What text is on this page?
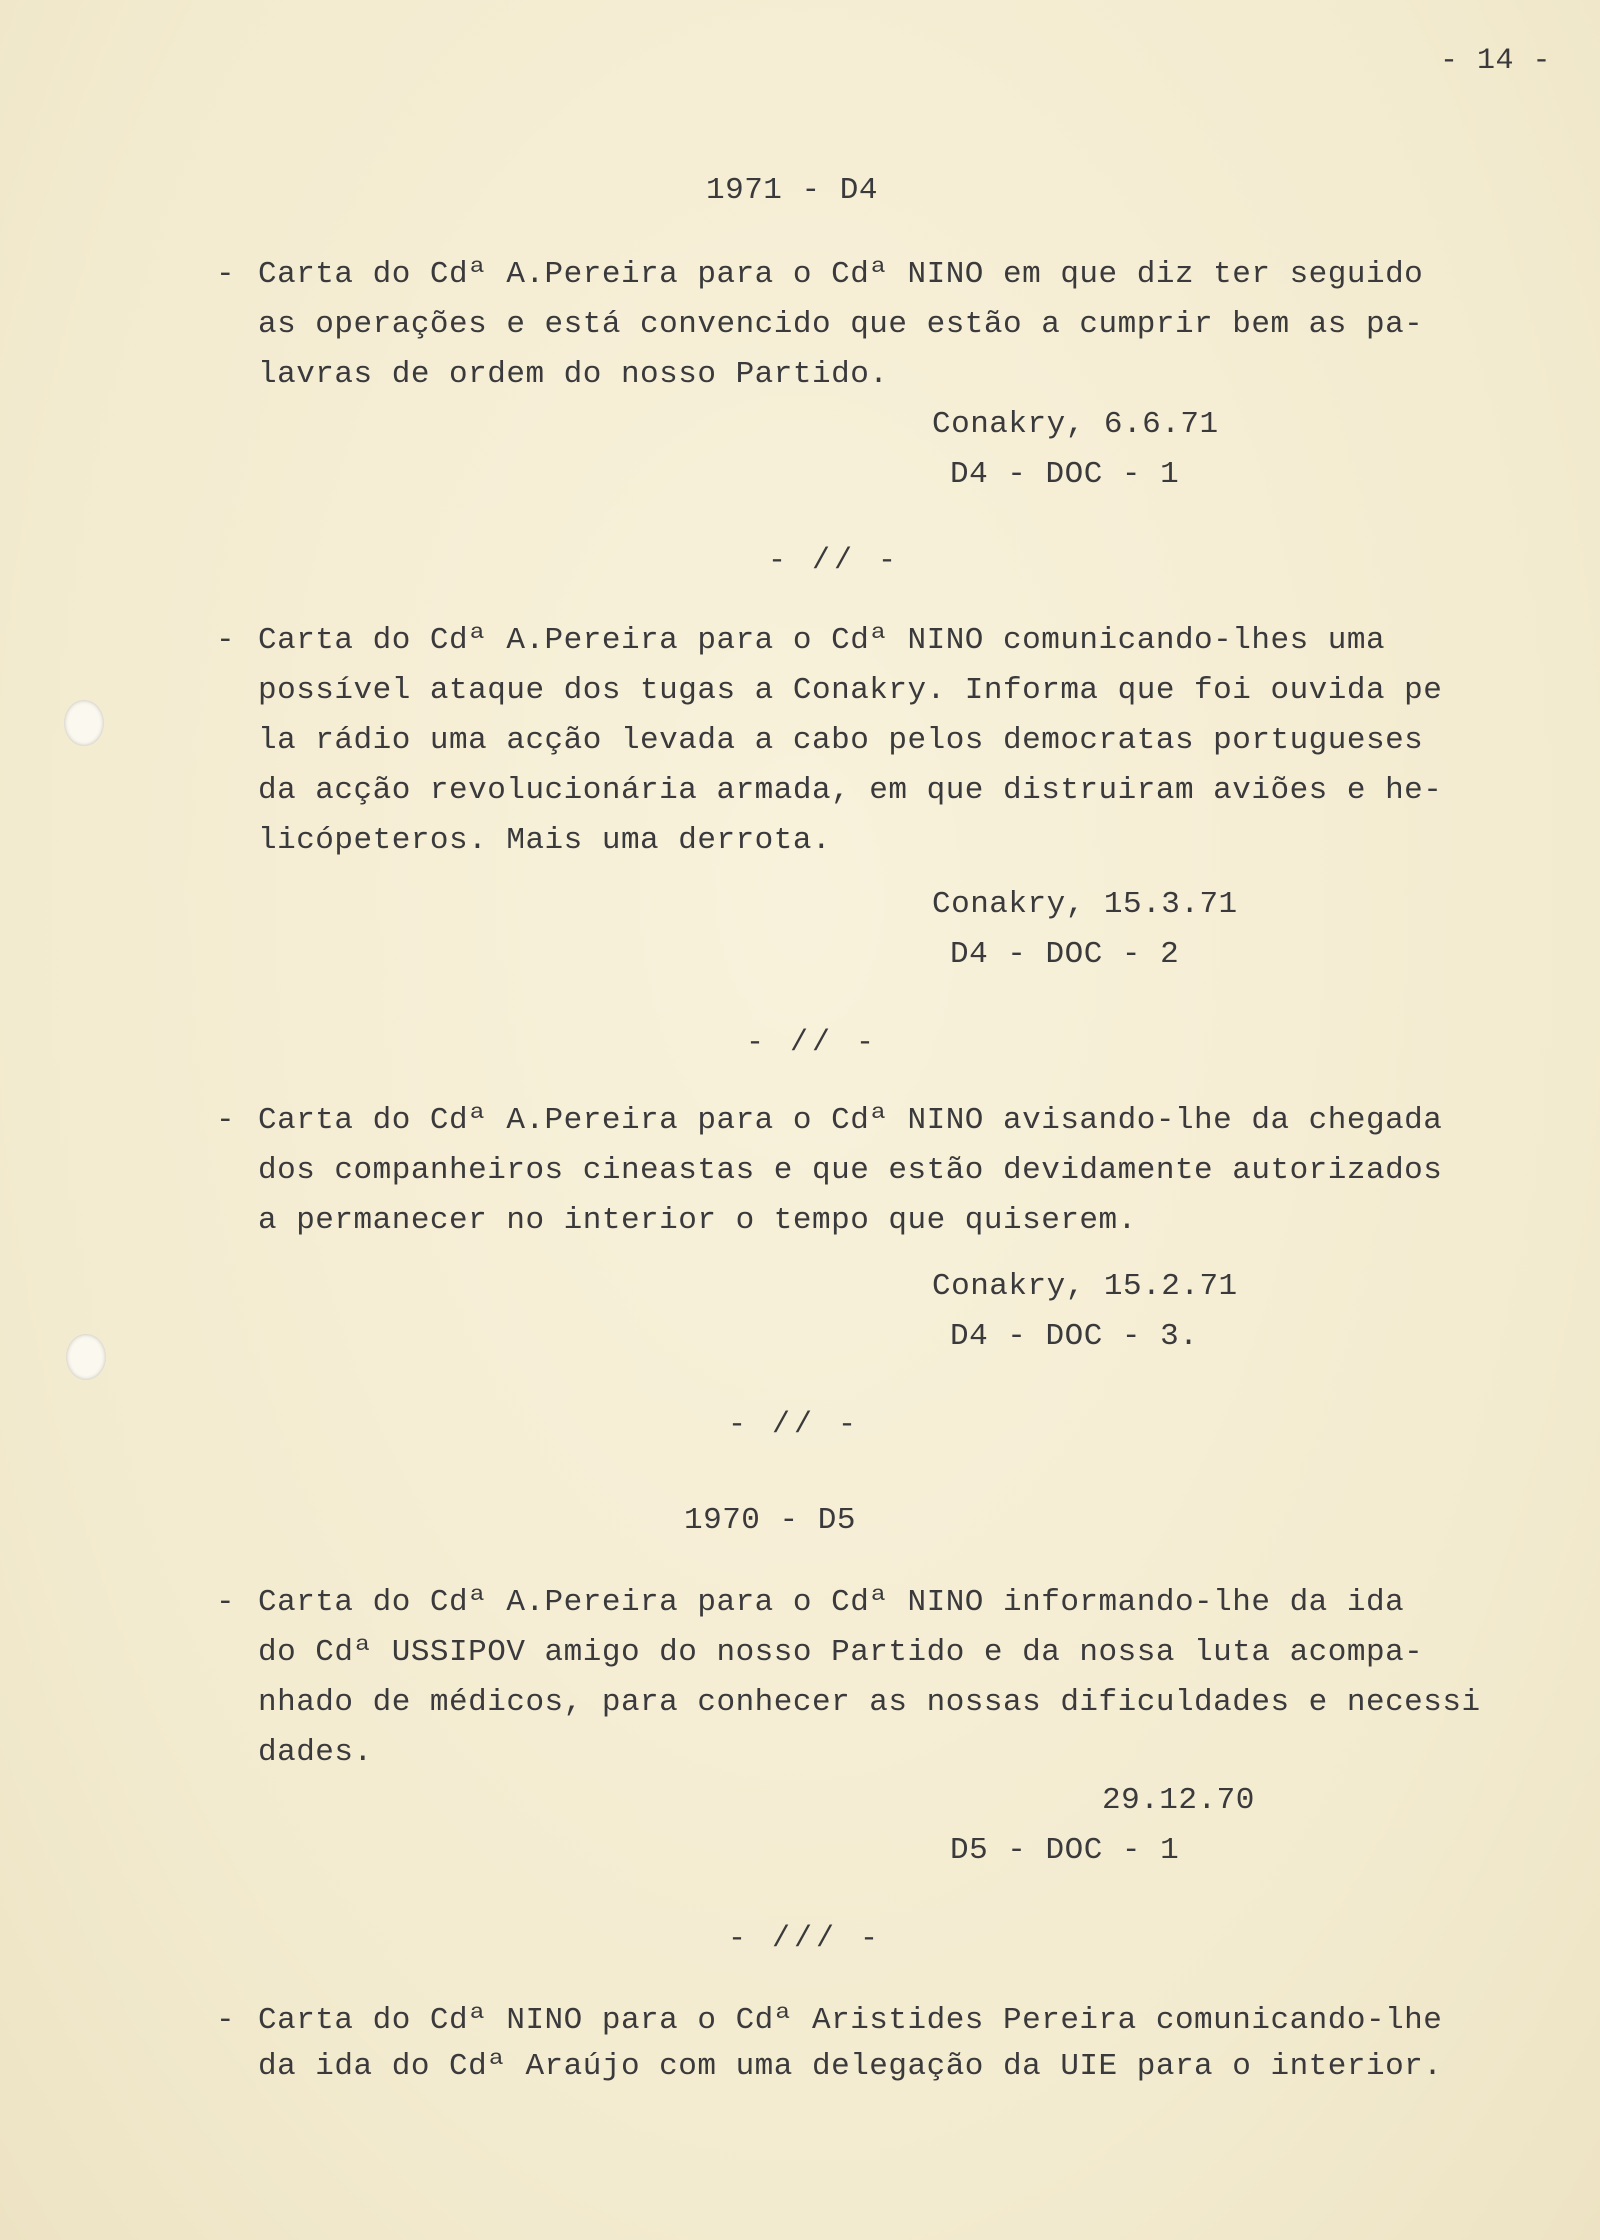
- 14 -
1971 - D4
- Carta do Cdª A.Pereira para o Cdª NINO em que diz ter seguido
as operações e está convencido que estão a cumprir bem as pa-
lavras de ordem do nosso Partido.
Conakry, 6.6.71
D4 - DOC - 1
- // -
- Carta do Cdª A.Pereira para o Cdª NINO comunicando-lhes uma
possível ataque dos tugas a Conakry. Informa que foi ouvida pe
la rádio uma acção levada a cabo pelos democratas portugueses
da acção revolucionária armada, em que distruiram aviões e he-
licópeteros. Mais uma derrota.
Conakry, 15.3.71
D4 - DOC - 2
- // -
- Carta do Cdª A.Pereira para o Cdª NINO avisando-lhe da chegada
dos companheiros cineastas e que estão devidamente autorizados
a permanecer no interior o tempo que quiserem.
Conakry, 15.2.71
D4 - DOC - 3.
- // -
1970 - D5
- Carta do Cdª A.Pereira para o Cdª NINO informando-lhe da ida
do Cdª USSIPOV amigo do nosso Partido e da nossa luta acompa-
nhado de médicos, para conhecer as nossas dificuldades e necessi
dades.
29.12.70
D5 - DOC - 1
- /// -
- Carta do Cdª NINO para o Cdª Aristides Pereira comunicando-lhe
da ida do Cdª Araújo com uma delegação da UIE para o interior.
